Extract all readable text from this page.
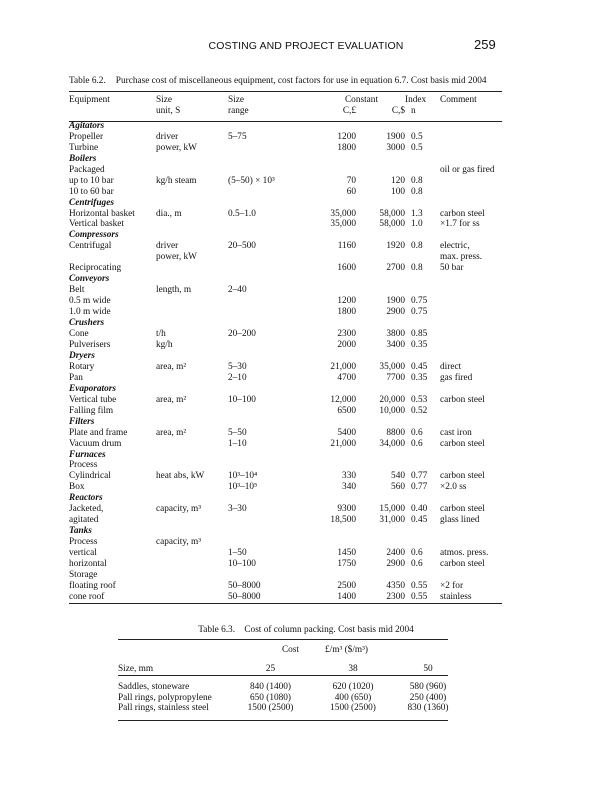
COSTING AND PROJECT EVALUATION	259
Table 6.2. Purchase cost of miscellaneous equipment, cost factors for use in equation 6.7. Cost basis mid 2004
Equipment	Size	Size	Constant		Index	Comment
	unit, S	range	C,£	C,$	n	
Agitators						
Propeller	driver	5–75	1200	1900	0.5	
Turbine	power, kW		1800	3000	0.5	
Boilers						
Packaged						oil or gas fired
up to 10 bar	kg/h steam	(5–50) × 10³	70	120	0.8	
10 to 60 bar			60	100	0.8	
Centrifuges						
Horizontal basket	dia., m	0.5–1.0	35,000	58,000	1.3	carbon steel
Vertical basket			35,000	58,000	1.0	×1.7 for ss
Compressors						
Centrifugal	driver	20–500	1160	1920	0.8	electric,
	power, kW					max. press.
Reciprocating			1600	2700	0.8	50 bar
Conveyors						
Belt	length, m	2–40				
0.5 m wide			1200	1900	0.75	
1.0 m wide			1800	2900	0.75	
Crushers						
Cone	t/h	20–200	2300	3800	0.85	
Pulverisers	kg/h		2000	3400	0.35	
Dryers						
Rotary	area, m²	5–30	21,000	35,000	0.45	direct
Pan		2–10	4700	7700	0.35	gas fired
Evaporators						
Vertical tube	area, m²	10–100	12,000	20,000	0.53	carbon steel
Falling film			6500	10,000	0.52	
Filters						
Plate and frame	area, m²	5–50	5400	8800	0.6	cast iron
Vacuum drum		1–10	21,000	34,000	0.6	carbon steel
Furnaces						
Process						
Cylindrical	heat abs, kW	10³–10⁴	330	540	0.77	carbon steel
Box		10³–10⁵	340	560	0.77	×2.0 ss
Reactors						
Jacketed,	capacity, m³	3–30	9300	15,000	0.40	carbon steel
agitated			18,500	31,000	0.45	glass lined
Tanks						
Process	capacity, m³					
vertical		1–50	1450	2400	0.6	atmos. press.
horizontal		10–100	1750	2900	0.6	carbon steel
Storage						
floating roof		50–8000	2500	4350	0.55	×2 for
cone roof		50–8000	1400	2300	0.55	stainless
Table 6.3. Cost of column packing. Cost basis mid 2004
	Cost	£/m³ ($/m³)	

Size, mm	25	38	50

Saddles, stoneware	840 (1400)	620 (1020)	580 (960)
Pall rings, polypropylene	650 (1080)	400 (650)	250 (400)
Pall rings, stainless steel	1500 (2500)	1500 (2500)	830 (1360)
